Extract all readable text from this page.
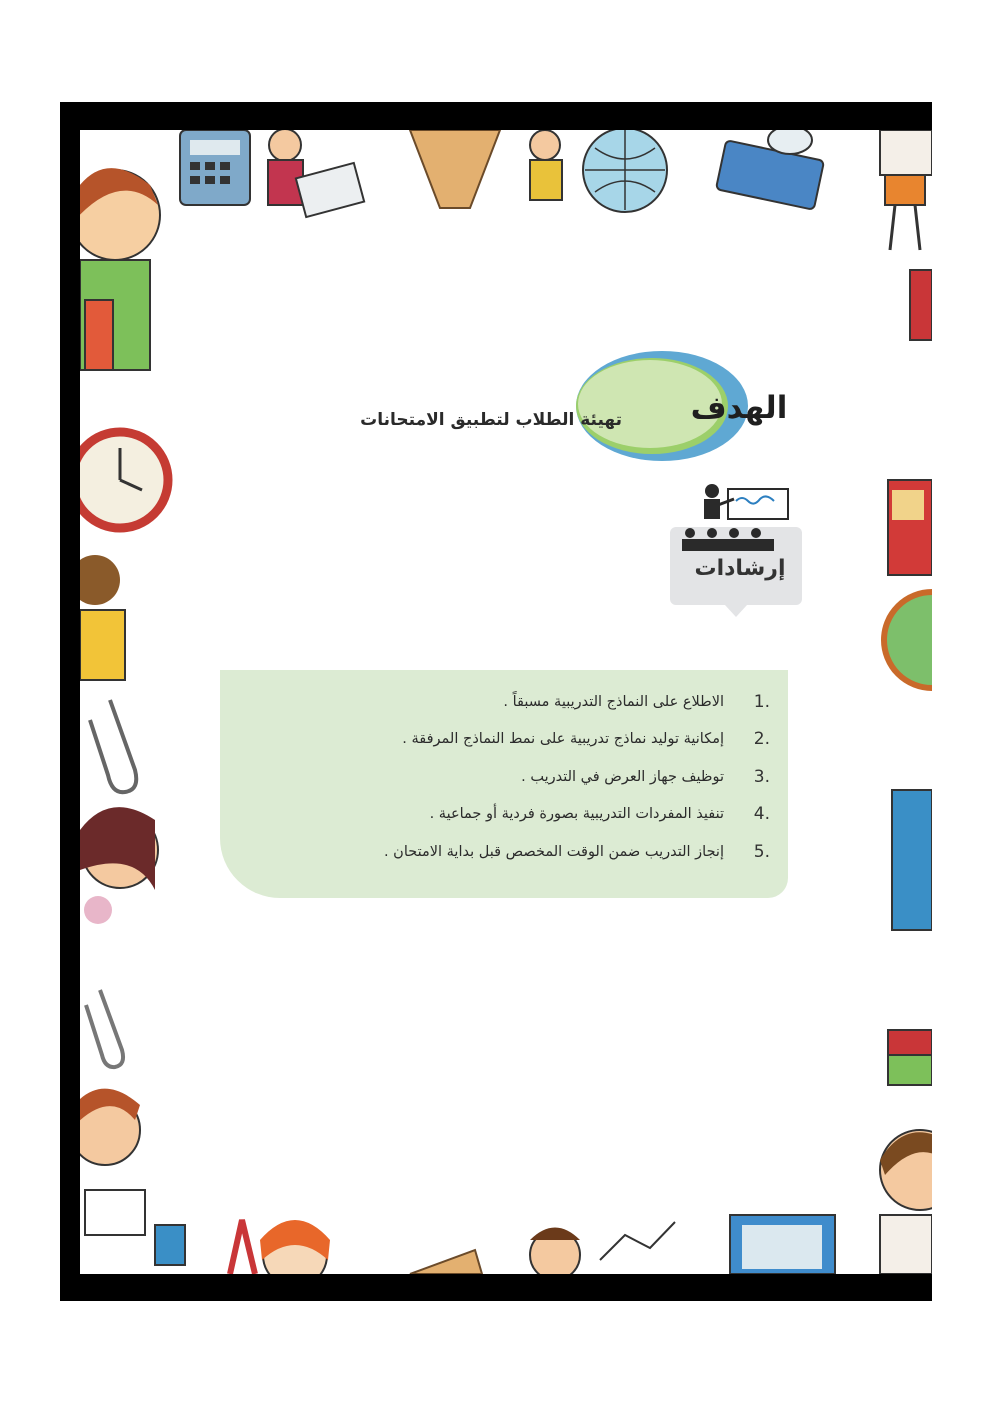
الهدف
تهيئة الطلاب لتطبيق الامتحانات
إرشادات
.1
الاطلاع على النماذج التدريبية مسبقاً .
.2
إمكانية توليد نماذج تدريبية على نمط النماذج المرفقة .
.3
توظيف جهاز العرض في التدريب .
.4
تنفيذ المفردات التدريبية بصورة فردية أو جماعية .
.5
إنجاز التدريب ضمن الوقت المخصص قبل بداية الامتحان .
